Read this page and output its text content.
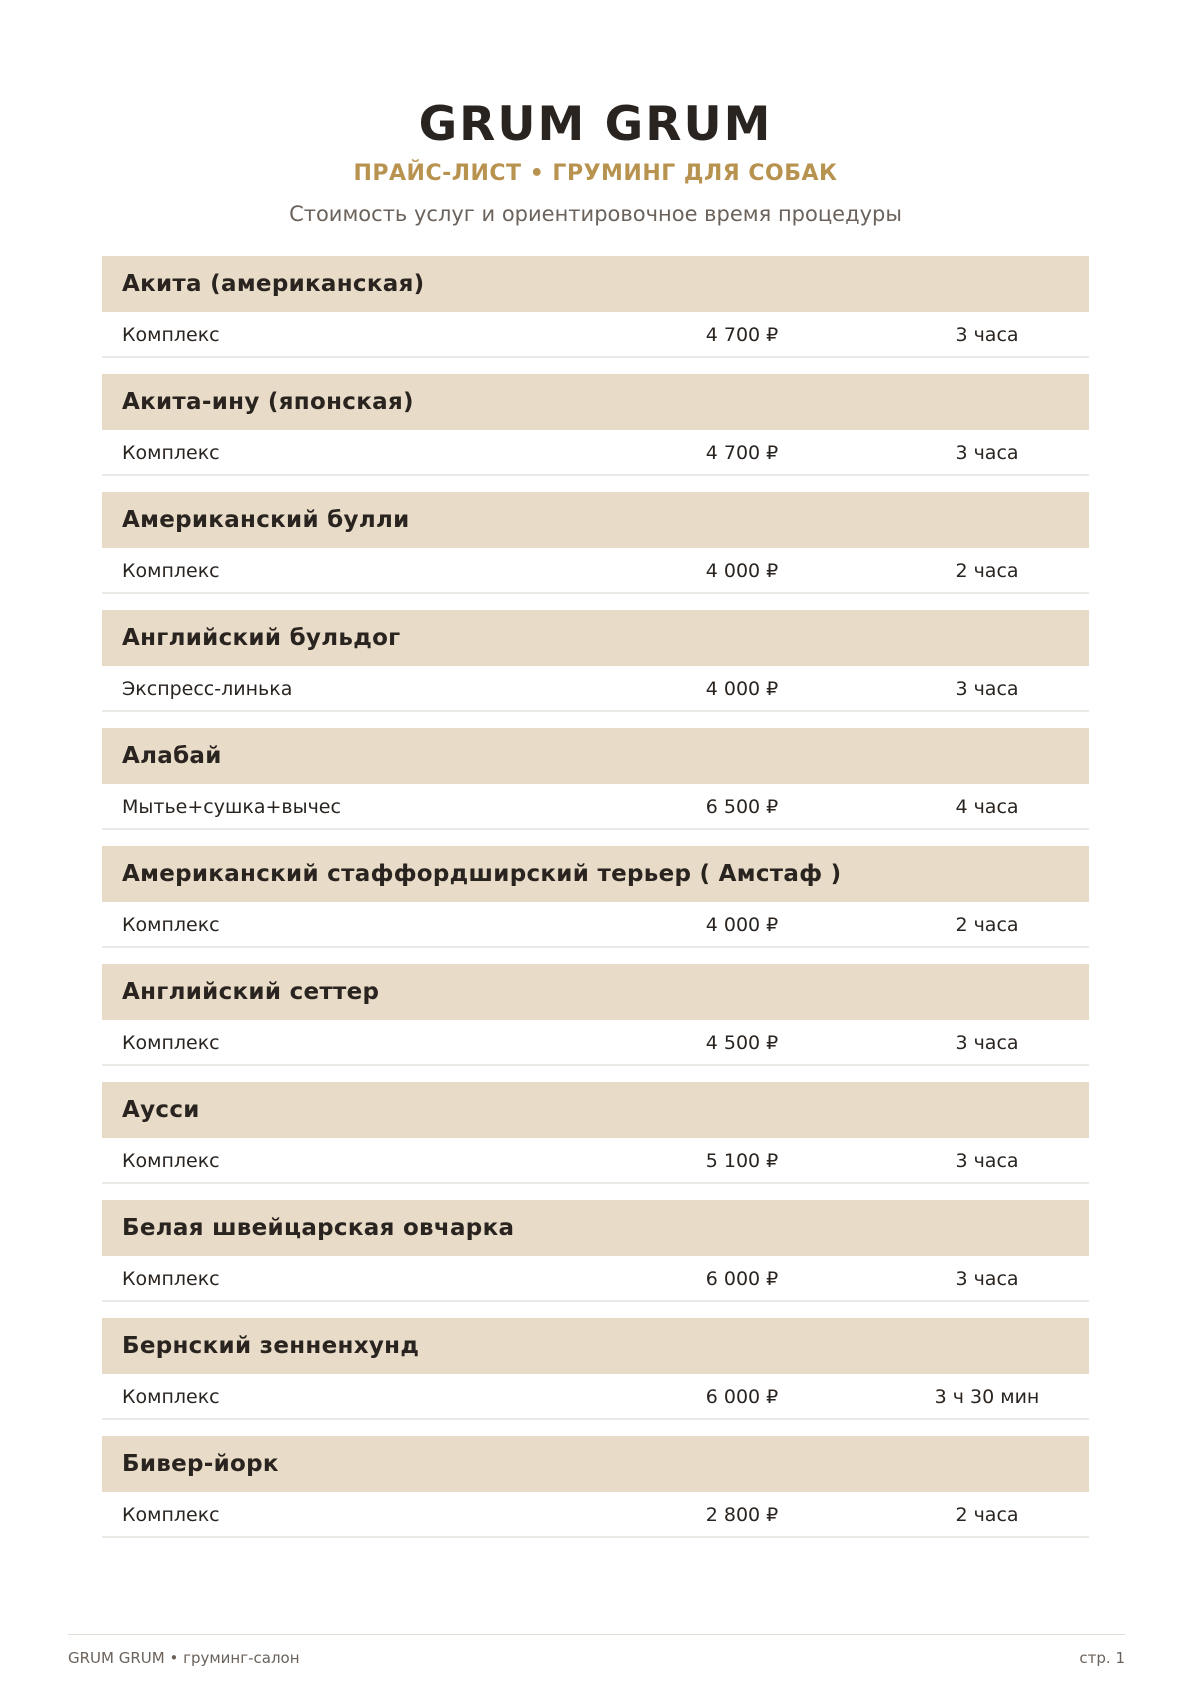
GRUM GRUM
ПРАЙС-ЛИСТ • ГРУМИНГ ДЛЯ СОБАК
Стоимость услуг и ориентировочное время процедуры
Акита (американская)
Комплекс	4 700 ₽	3 часа
Акита-ину (японская)
Комплекс	4 700 ₽	3 часа
Американский булли
Комплекс	4 000 ₽	2 часа
Английский бульдог
Экспресс-линька	4 000 ₽	3 часа
Алабай
Мытье+сушка+вычес	6 500 ₽	4 часа
Американский стаффордширский терьер ( Амстаф )
Комплекс	4 000 ₽	2 часа
Английский сеттер
Комплекс	4 500 ₽	3 часа
Аусси
Комплекс	5 100 ₽	3 часа
Белая швейцарская овчарка
Комплекс	6 000 ₽	3 часа
Бернский зенненхунд
Комплекс	6 000 ₽	3 ч 30 мин
Бивер-йорк
Комплекс	2 800 ₽	2 часа
GRUM GRUM • груминг-салон	стр. 1
